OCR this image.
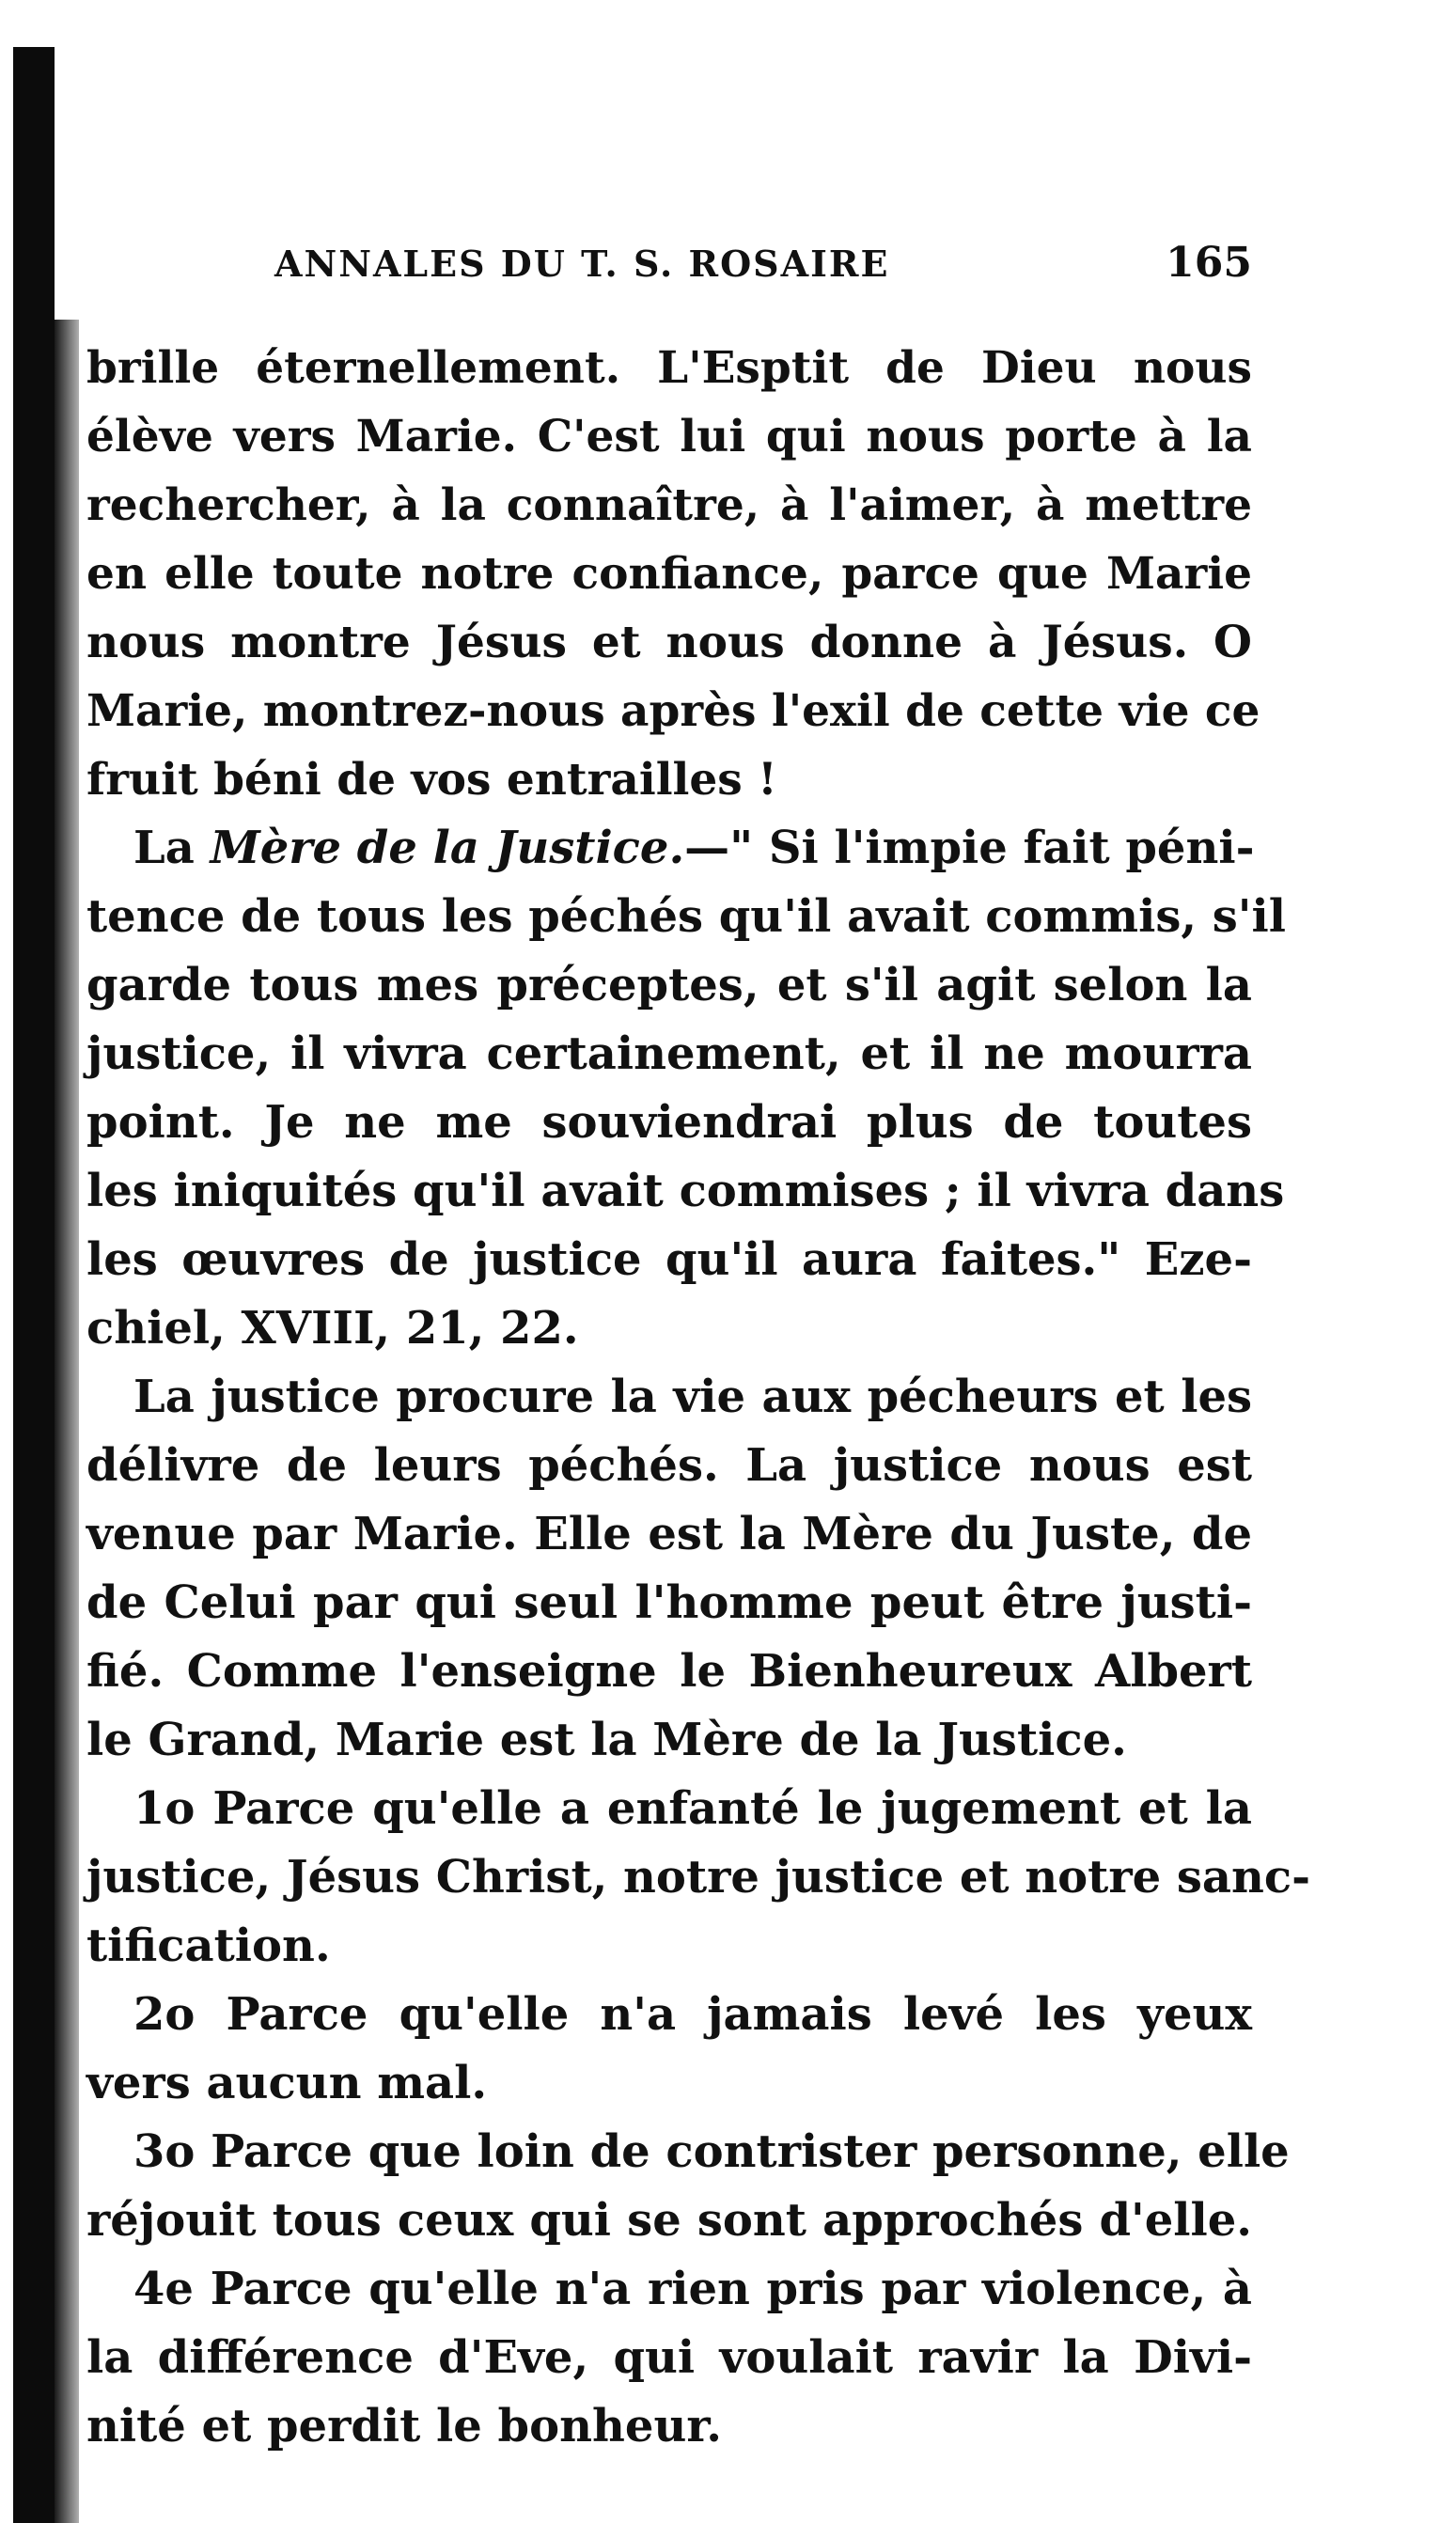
ANNALES DU T. S. ROSAIRE	165
brille éternellement. L'Esptit de Dieu nous
élève vers Marie. C'est lui qui nous porte à la
rechercher, à la connaître, à l'aimer, à mettre
en elle toute notre confiance, parce que Marie
nous montre Jésus et nous donne à Jésus. O
Marie, montrez-nous après l'exil de cette vie ce
fruit béni de vos entrailles !
La Mère de la Justice.—" Si l'impie fait péni-
tence de tous les péchés qu'il avait commis, s'il
garde tous mes préceptes, et s'il agit selon la
justice, il vivra certainement, et il ne mourra
point. Je ne me souviendrai plus de toutes
les iniquités qu'il avait commises ; il vivra dans
les œuvres de justice qu'il aura faites." Eze-
chiel, XVIII, 21, 22.
La justice procure la vie aux pécheurs et les
délivre de leurs péchés. La justice nous est
venue par Marie. Elle est la Mère du Juste, de
de Celui par qui seul l'homme peut être justi-
fié. Comme l'enseigne le Bienheureux Albert
le Grand, Marie est la Mère de la Justice.
1o Parce qu'elle a enfanté le jugement et la
justice, Jésus Christ, notre justice et notre sanc-
tification.
2o Parce qu'elle n'a jamais levé les yeux
vers aucun mal.
3o Parce que loin de contrister personne, elle
réjouit tous ceux qui se sont approchés d'elle.
4e Parce qu'elle n'a rien pris par violence, à
la différence d'Eve, qui voulait ravir la Divi-
nité et perdit le bonheur.
